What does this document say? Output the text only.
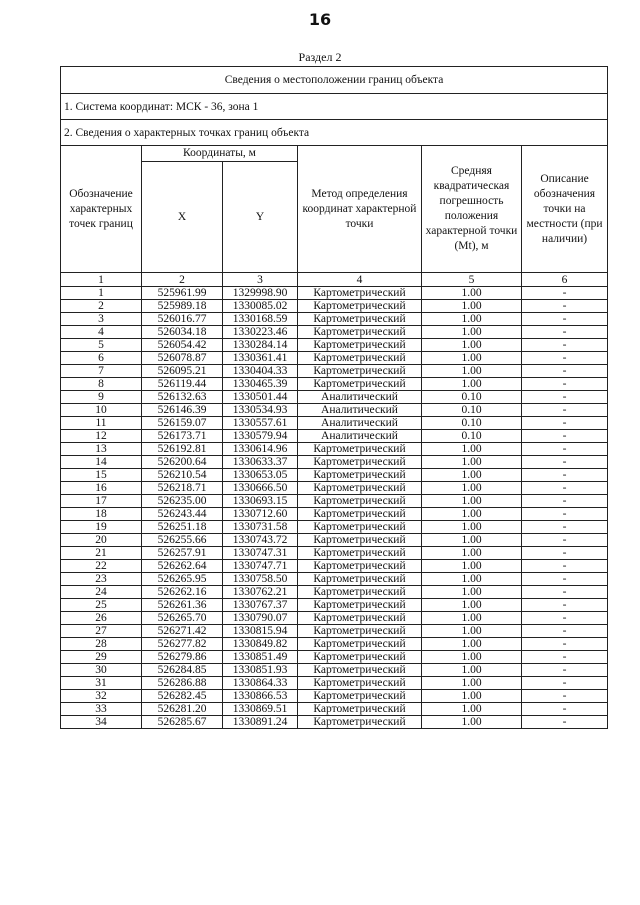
16
Раздел 2
Сведения о местоположении границ объекта					
1. Система координат: МСК - 36, зона 1					
2. Сведения о характерных точках границ объекта					
Обозначение характерных точек границ	Координаты, м		Метод определения координат характерной точки	Средняя квадратическая погрешность положения характерной точки (Mt), м	Описание обозначения точки на местности (при наличии)
	X	Y			
1	2	3	4	5	6
1	525961.99	1329998.90	Картометрический	1.00	-
2	525989.18	1330085.02	Картометрический	1.00	-
3	526016.77	1330168.59	Картометрический	1.00	-
4	526034.18	1330223.46	Картометрический	1.00	-
5	526054.42	1330284.14	Картометрический	1.00	-
6	526078.87	1330361.41	Картометрический	1.00	-
7	526095.21	1330404.33	Картометрический	1.00	-
8	526119.44	1330465.39	Картометрический	1.00	-
9	526132.63	1330501.44	Аналитический	0.10	-
10	526146.39	1330534.93	Аналитический	0.10	-
11	526159.07	1330557.61	Аналитический	0.10	-
12	526173.71	1330579.94	Аналитический	0.10	-
13	526192.81	1330614.96	Картометрический	1.00	-
14	526200.64	1330633.37	Картометрический	1.00	-
15	526210.54	1330653.05	Картометрический	1.00	-
16	526218.71	1330666.50	Картометрический	1.00	-
17	526235.00	1330693.15	Картометрический	1.00	-
18	526243.44	1330712.60	Картометрический	1.00	-
19	526251.18	1330731.58	Картометрический	1.00	-
20	526255.66	1330743.72	Картометрический	1.00	-
21	526257.91	1330747.31	Картометрический	1.00	-
22	526262.64	1330747.71	Картометрический	1.00	-
23	526265.95	1330758.50	Картометрический	1.00	-
24	526262.16	1330762.21	Картометрический	1.00	-
25	526261.36	1330767.37	Картометрический	1.00	-
26	526265.70	1330790.07	Картометрический	1.00	-
27	526271.42	1330815.94	Картометрический	1.00	-
28	526277.82	1330849.82	Картометрический	1.00	-
29	526279.86	1330851.49	Картометрический	1.00	-
30	526284.85	1330851.93	Картометрический	1.00	-
31	526286.88	1330864.33	Картометрический	1.00	-
32	526282.45	1330866.53	Картометрический	1.00	-
33	526281.20	1330869.51	Картометрический	1.00	-
34	526285.67	1330891.24	Картометрический	1.00	-
